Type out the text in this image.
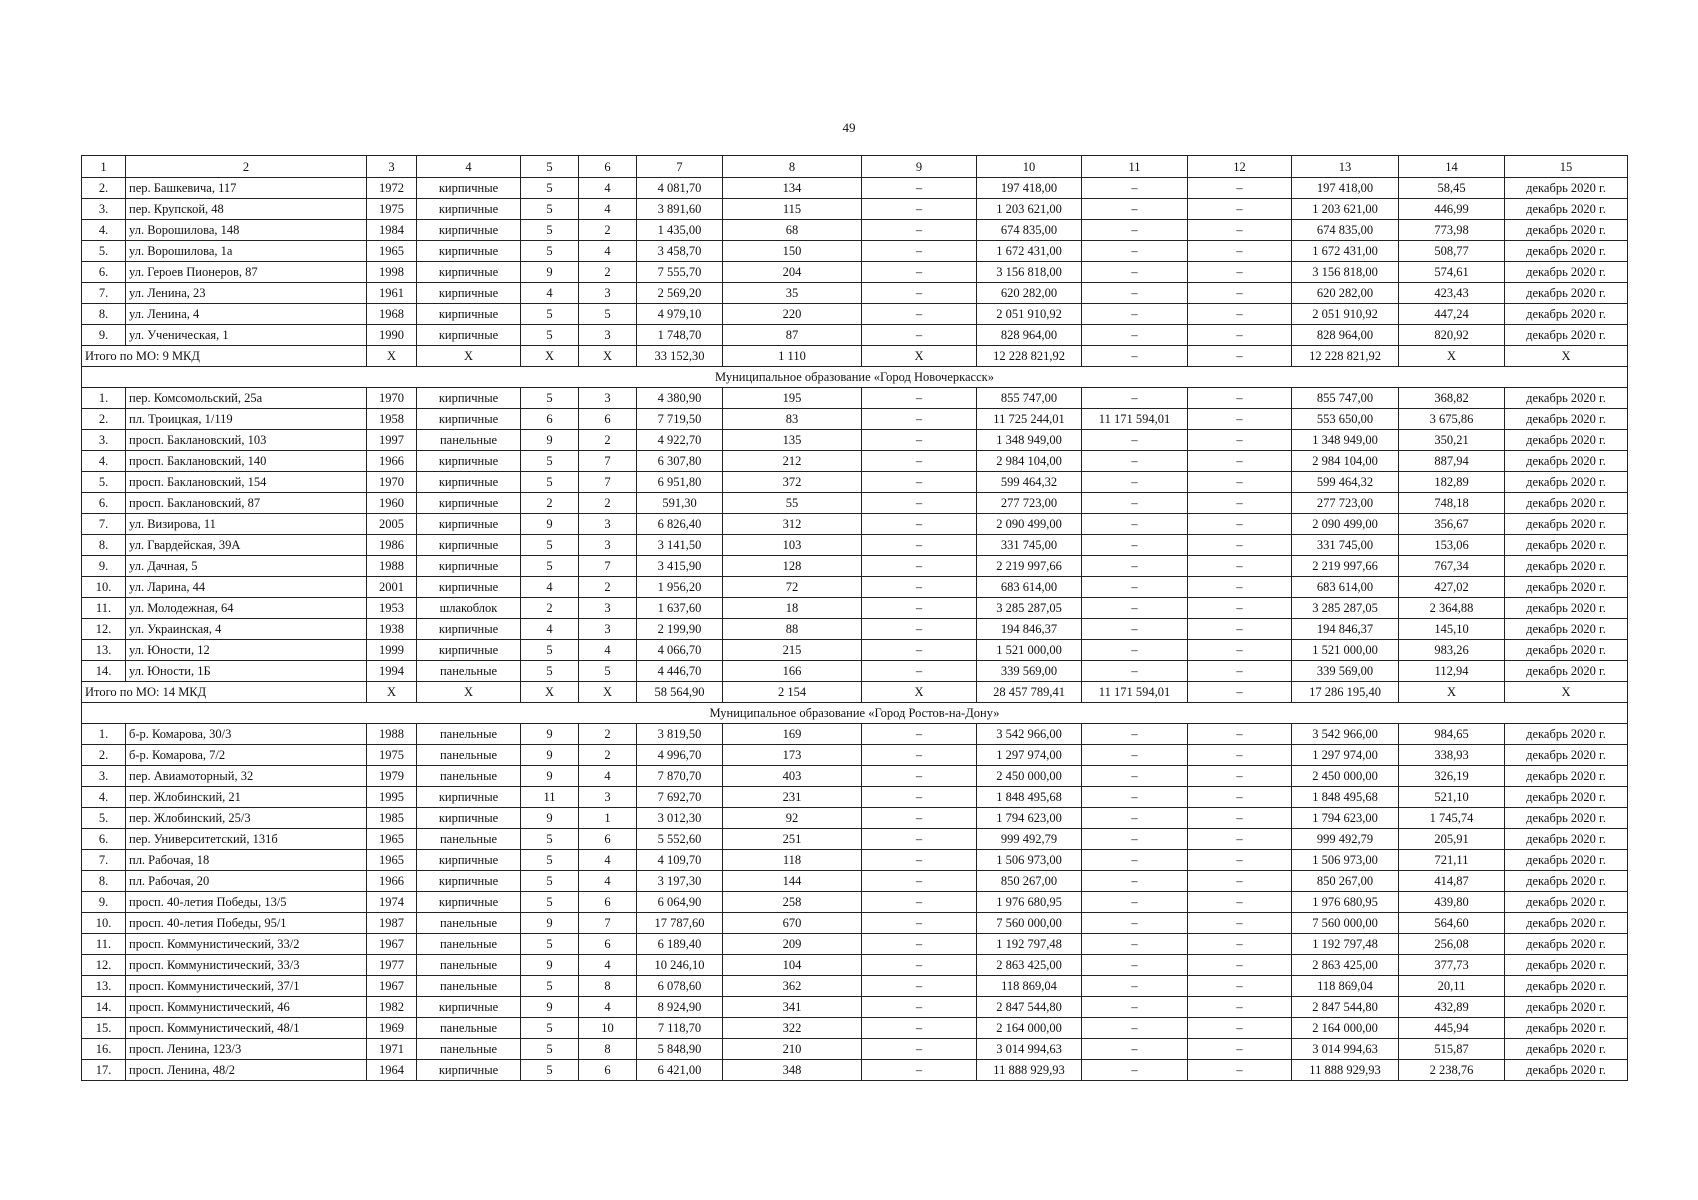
49
1	2	3	4	5	6	7	8	9	10	11	12	13	14	15
2.	пер. Башкевича, 117	1972	кирпичные	5	4	4 081,70	134	–	197 418,00	–	–	197 418,00	58,45	декабрь 2020 г.
3.	пер. Крупской, 48	1975	кирпичные	5	4	3 891,60	115	–	1 203 621,00	–	–	1 203 621,00	446,99	декабрь 2020 г.
4.	ул. Ворошилова, 148	1984	кирпичные	5	2	1 435,00	68	–	674 835,00	–	–	674 835,00	773,98	декабрь 2020 г.
5.	ул. Ворошилова, 1а	1965	кирпичные	5	4	3 458,70	150	–	1 672 431,00	–	–	1 672 431,00	508,77	декабрь 2020 г.
6.	ул. Героев Пионеров, 87	1998	кирпичные	9	2	7 555,70	204	–	3 156 818,00	–	–	3 156 818,00	574,61	декабрь 2020 г.
7.	ул. Ленина, 23	1961	кирпичные	4	3	2 569,20	35	–	620 282,00	–	–	620 282,00	423,43	декабрь 2020 г.
8.	ул. Ленина, 4	1968	кирпичные	5	5	4 979,10	220	–	2 051 910,92	–	–	2 051 910,92	447,24	декабрь 2020 г.
9.	ул. Ученическая, 1	1990	кирпичные	5	3	1 748,70	87	–	828 964,00	–	–	828 964,00	820,92	декабрь 2020 г.
Итого по МО: 9 МКД		X	X	X	X	33 152,30	1 110	X	12 228 821,92	–	–	12 228 821,92	X	X
Муниципальное образование «Город Новочеркасск»														
1.	пер. Комсомольский, 25а	1970	кирпичные	5	3	4 380,90	195	–	855 747,00	–	–	855 747,00	368,82	декабрь 2020 г.
2.	пл. Троицкая, 1/119	1958	кирпичные	6	6	7 719,50	83	–	11 725 244,01	11 171 594,01	–	553 650,00	3 675,86	декабрь 2020 г.
3.	просп. Баклановский, 103	1997	панельные	9	2	4 922,70	135	–	1 348 949,00	–	–	1 348 949,00	350,21	декабрь 2020 г.
4.	просп. Баклановский, 140	1966	кирпичные	5	7	6 307,80	212	–	2 984 104,00	–	–	2 984 104,00	887,94	декабрь 2020 г.
5.	просп. Баклановский, 154	1970	кирпичные	5	7	6 951,80	372	–	599 464,32	–	–	599 464,32	182,89	декабрь 2020 г.
6.	просп. Баклановский, 87	1960	кирпичные	2	2	591,30	55	–	277 723,00	–	–	277 723,00	748,18	декабрь 2020 г.
7.	ул. Визирова, 11	2005	кирпичные	9	3	6 826,40	312	–	2 090 499,00	–	–	2 090 499,00	356,67	декабрь 2020 г.
8.	ул. Гвардейская, 39А	1986	кирпичные	5	3	3 141,50	103	–	331 745,00	–	–	331 745,00	153,06	декабрь 2020 г.
9.	ул. Дачная, 5	1988	кирпичные	5	7	3 415,90	128	–	2 219 997,66	–	–	2 219 997,66	767,34	декабрь 2020 г.
10.	ул. Ларина, 44	2001	кирпичные	4	2	1 956,20	72	–	683 614,00	–	–	683 614,00	427,02	декабрь 2020 г.
11.	ул. Молодежная, 64	1953	шлакоблок	2	3	1 637,60	18	–	3 285 287,05	–	–	3 285 287,05	2 364,88	декабрь 2020 г.
12.	ул. Украинская, 4	1938	кирпичные	4	3	2 199,90	88	–	194 846,37	–	–	194 846,37	145,10	декабрь 2020 г.
13.	ул. Юности, 12	1999	кирпичные	5	4	4 066,70	215	–	1 521 000,00	–	–	1 521 000,00	983,26	декабрь 2020 г.
14.	ул. Юности, 1Б	1994	панельные	5	5	4 446,70	166	–	339 569,00	–	–	339 569,00	112,94	декабрь 2020 г.
Итого по МО: 14 МКД		X	X	X	X	58 564,90	2 154	X	28 457 789,41	11 171 594,01	–	17 286 195,40	X	X
Муниципальное образование «Город Ростов-на-Дону»														
1.	б-р. Комарова, 30/3	1988	панельные	9	2	3 819,50	169	–	3 542 966,00	–	–	3 542 966,00	984,65	декабрь 2020 г.
2.	б-р. Комарова, 7/2	1975	панельные	9	2	4 996,70	173	–	1 297 974,00	–	–	1 297 974,00	338,93	декабрь 2020 г.
3.	пер. Авиамоторный, 32	1979	панельные	9	4	7 870,70	403	–	2 450 000,00	–	–	2 450 000,00	326,19	декабрь 2020 г.
4.	пер. Жлобинский, 21	1995	кирпичные	11	3	7 692,70	231	–	1 848 495,68	–	–	1 848 495,68	521,10	декабрь 2020 г.
5.	пер. Жлобинский, 25/3	1985	кирпичные	9	1	3 012,30	92	–	1 794 623,00	–	–	1 794 623,00	1 745,74	декабрь 2020 г.
6.	пер. Университетский, 131б	1965	панельные	5	6	5 552,60	251	–	999 492,79	–	–	999 492,79	205,91	декабрь 2020 г.
7.	пл. Рабочая, 18	1965	кирпичные	5	4	4 109,70	118	–	1 506 973,00	–	–	1 506 973,00	721,11	декабрь 2020 г.
8.	пл. Рабочая, 20	1966	кирпичные	5	4	3 197,30	144	–	850 267,00	–	–	850 267,00	414,87	декабрь 2020 г.
9.	просп. 40-летия Победы, 13/5	1974	кирпичные	5	6	6 064,90	258	–	1 976 680,95	–	–	1 976 680,95	439,80	декабрь 2020 г.
10.	просп. 40-летия Победы, 95/1	1987	панельные	9	7	17 787,60	670	–	7 560 000,00	–	–	7 560 000,00	564,60	декабрь 2020 г.
11.	просп. Коммунистический, 33/2	1967	панельные	5	6	6 189,40	209	–	1 192 797,48	–	–	1 192 797,48	256,08	декабрь 2020 г.
12.	просп. Коммунистический, 33/3	1977	панельные	9	4	10 246,10	104	–	2 863 425,00	–	–	2 863 425,00	377,73	декабрь 2020 г.
13.	просп. Коммунистический, 37/1	1967	панельные	5	8	6 078,60	362	–	118 869,04	–	–	118 869,04	20,11	декабрь 2020 г.
14.	просп. Коммунистический, 46	1982	кирпичные	9	4	8 924,90	341	–	2 847 544,80	–	–	2 847 544,80	432,89	декабрь 2020 г.
15.	просп. Коммунистический, 48/1	1969	панельные	5	10	7 118,70	322	–	2 164 000,00	–	–	2 164 000,00	445,94	декабрь 2020 г.
16.	просп. Ленина, 123/3	1971	панельные	5	8	5 848,90	210	–	3 014 994,63	–	–	3 014 994,63	515,87	декабрь 2020 г.
17.	просп. Ленина, 48/2	1964	кирпичные	5	6	6 421,00	348	–	11 888 929,93	–	–	11 888 929,93	2 238,76	декабрь 2020 г.
